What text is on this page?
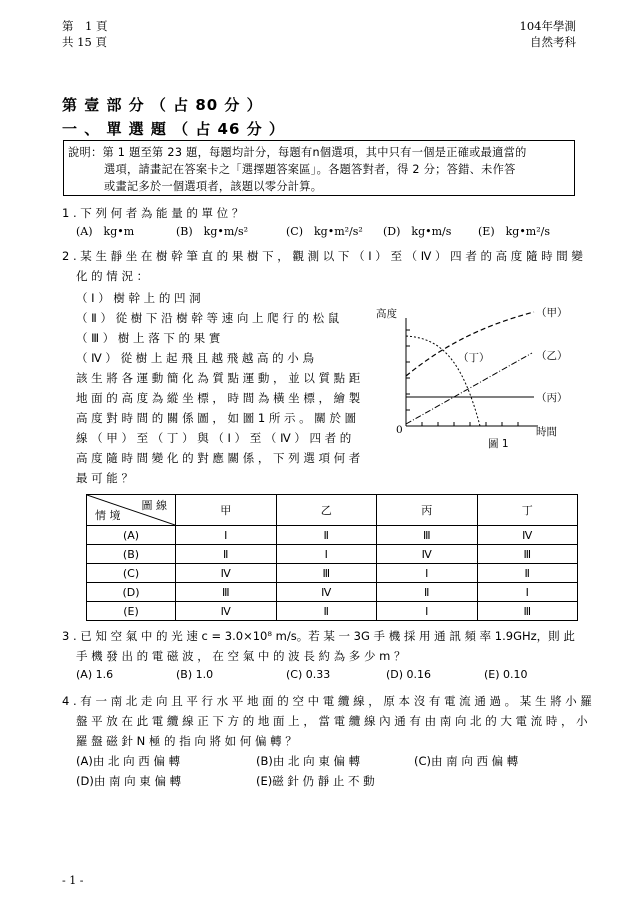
第　1 頁
共 15 頁
104年學測
自然考科
第 壹 部 分 （ 占 80 分 ）
一 、 單 選 題 （ 占 46 分 ）
說明：第 1 題至第 23 題，每題均計分，每題有n個選項，其中只有一個是正確或最適當的
選項，請畫記在答案卡之「選擇題答案區」。各題答對者，得 2 分；答錯、未作答
或畫記多於一個選項者，該題以零分計算。
1 . 下 列 何 者 為 能 量 的 單 位 ？
(A)　kg•m	(B)　kg•m/s²	(C)　kg•m²/s² (D)　kg•m/s (E)　kg•m²/s
2 . 某 生 靜 坐 在 樹 幹 筆 直 的 果 樹 下 ， 觀 測 以 下 （ Ⅰ ） 至 （ Ⅳ ） 四 者 的 高 度 隨 時 間 變
化 的 情 況 ：
（ Ⅰ ） 樹 幹 上 的 凹 洞
（ Ⅱ ） 從 樹 下 沿 樹 幹 等 速 向 上 爬 行 的 松 鼠
（ Ⅲ ） 樹 上 落 下 的 果 實
（ Ⅳ ） 從 樹 上 起 飛 且 越 飛 越 高 的 小 鳥
該 生 將 各 運 動 簡 化 為 質 點 運 動 ， 並 以 質 點 距
地 面 的 高 度 為 縱 坐 標 ， 時 間 為 橫 坐 標 ， 繪 製
高 度 對 時 間 的 關 係 圖 ， 如 圖 1 所 示 。 關 於 圖
線 （ 甲 ） 至 （ 丁 ） 與 （ Ⅰ ） 至 （ Ⅳ ） 四 者 的
高 度 隨 時 間 變 化 的 對 應 關 係 ， 下 列 選 項 何 者
最 可 能 ？
高度
時間
0
圖 1
（甲）
（乙）
（丙）
（丁）
圖 線
情 境	甲	乙	丙	丁
(A)	Ⅰ	Ⅱ	Ⅲ	Ⅳ
(B)	Ⅱ	Ⅰ	Ⅳ	Ⅲ
(C)	Ⅳ	Ⅲ	Ⅰ	Ⅱ
(D)	Ⅲ	Ⅳ	Ⅱ	Ⅰ
(E)	Ⅳ	Ⅱ	Ⅰ	Ⅲ
3 . 已 知 空 氣 中 的 光 速 c = 3.0×10⁸ m/s。若 某 一 3G 手 機 採 用 通 訊 頻 率 1.9GHz，則 此
手 機 發 出 的 電 磁 波 ， 在 空 氣 中 的 波 長 約 為 多 少 m ？
(A) 1.6	(B) 1.0	(C) 0.33	(D) 0.16	(E) 0.10
4 . 有 一 南 北 走 向 且 平 行 水 平 地 面 的 空 中 電 纜 線 ， 原 本 沒 有 電 流 通 過 。 某 生 將 小 羅
盤 平 放 在 此 電 纜 線 正 下 方 的 地 面 上 ， 當 電 纜 線 內 通 有 由 南 向 北 的 大 電 流 時 ， 小
羅 盤 磁 針 N 極 的 指 向 將 如 何 偏 轉 ？
(A)由 北 向 西 偏 轉	(B)由 北 向 東 偏 轉	(C)由 南 向 西 偏 轉
(D)由 南 向 東 偏 轉	(E)磁 針 仍 靜 止 不 動
- 1 -
